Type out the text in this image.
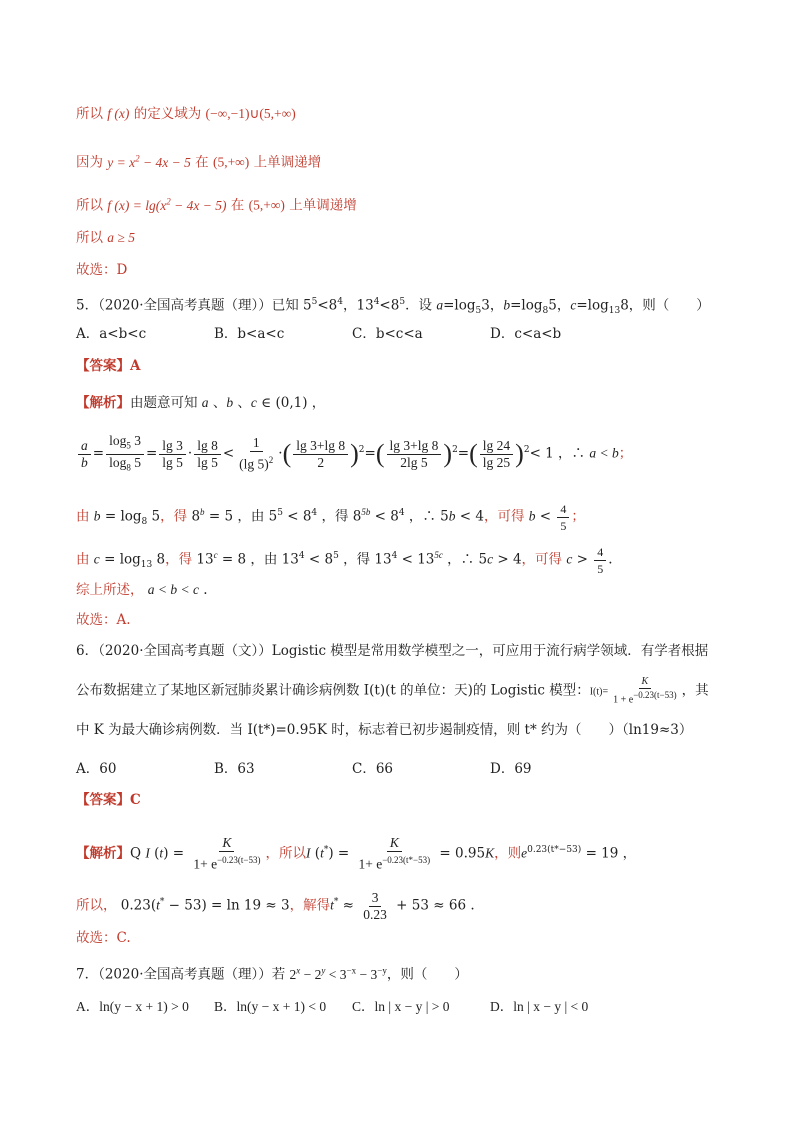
所以 f (x) 的定义域为 (−∞,−1)∪(5,+∞)
因为 $y = x^2 - 4x - 5$ 在 (5,+∞) 上单调递增
所以 f $(x) = \lg(x^2 - 4x - 5)$ 在 (5,+∞) 上单调递增
所以 a ≥ 5
故选：D
5．（2020·全国高考真题（理））已知 $5^5<8^4$，$13^4<8^5$．设 $a=\log_53$，$b=\log_85$，$c=\log_{13}8$，则（　　）
A．a<b<c	B．b<a<c	C．b<c<a	D．c<a<b
【答案】A
【解析】由题意可知 a 、b 、c ∈ (0,1) ，
$\frac{a}{b} = \frac{\log_5 3}{\log_8 5} = \frac{\lg 3}{\lg 5} \cdot \frac{\lg 8}{\lg 5} < \frac{1}{(\lg 5)^2}$ ·( $\frac{\lg 3+\lg 8}{2} )^2=( \frac{\lg 3+\lg 8}{2\lg 5} )^2=( \frac{\lg 24}{\lg 25} )^2< 1$ ，∴ a < b；
由 $b = \log_8 5$，得 $8^b = 5$ ，由 $5^5 < 8^4$ ，得 $8^{5b} < 8^4$ ，∴ 5b < 4，可得 $b < \frac{4}{5}$ ；
由 $c = \log_{13} 8$，得 $13^c = 8$ ，由 $13^4 < 8^5$ ，得 $13^4 < 13^{5c}$ ，∴ 5c > 4，可得 $c > \frac{4}{5}$ .
综上所述， a < b < c .
故选：A.
6．（2020·全国高考真题（文））Logistic 模型是常用数学模型之一，可应用于流行病学领域．有学者根据
公布数据建立了某地区新冠肺炎累计确诊病例数 I(t)(t 的单位：天)的 Logistic 模型：$I(t)= \frac{K}{1 + e^{-0.23(t-53)}}$ ，其
中 K 为最大确诊病例数．当 I(t*)=0.95K 时，标志着已初步遏制疫情，则 t* 约为（　　）（ln19≈3）
A．60	B．63	C．66	D．69
【答案】C
【解析】Q I $(t) = \frac{K}{1+ e^{-0.23(t-53)}}$ ，所以I $(t^*) = \frac{K}{1+ e^{-0.23(t*-53)}} = 0.95K$，则$e^{0.23(t*-53)} = 19$ ，
所以， 0.23(t* − 53) = ln 19 ≈ 3，解得$t^* \approx \frac{3}{0.23} + 53 \approx 66$ .
故选：C.
7．（2020·全国高考真题（理））若 $2^x - 2^y < 3^{-x} - 3^{-y}$，则（　　）
A．ln(y − x + 1) > 0 B．ln(y − x + 1) < 0 C．ln | x − y | > 0	D．ln | x − y | < 0
